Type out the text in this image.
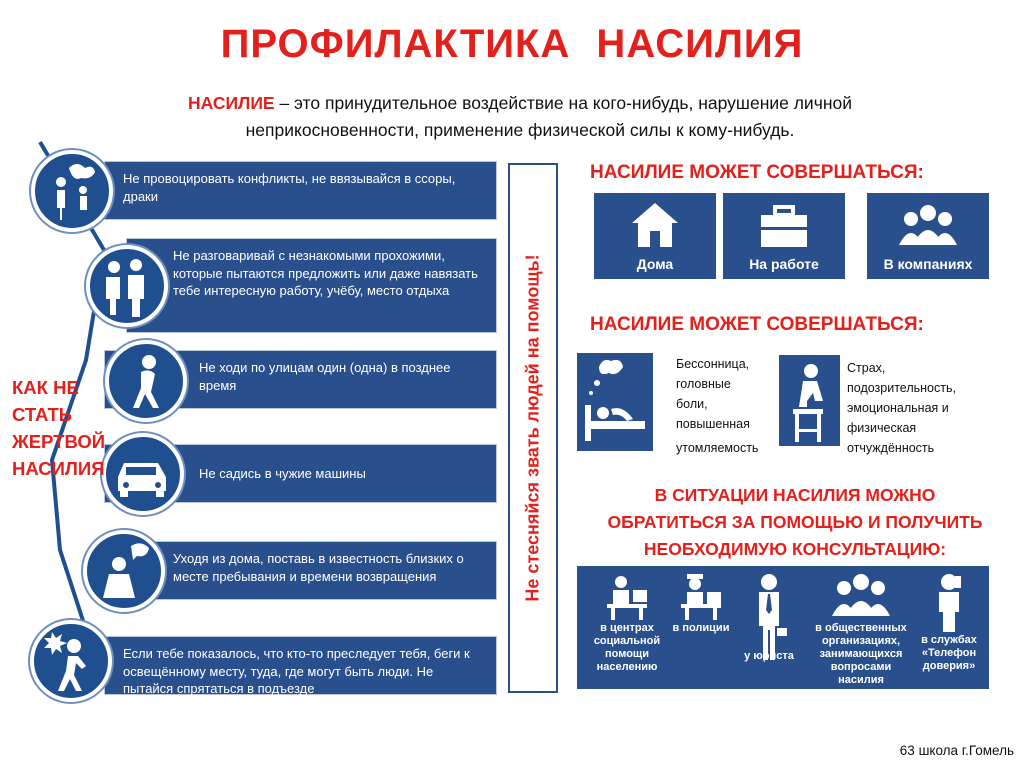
ПРОФИЛАКТИКА НАСИЛИЯ
НАСИЛИЕ – это принудительное воздействие на кого-нибудь, нарушение личной
неприкосновенности, применение физической силы к кому-нибудь.
Не провоцировать конфликты, не ввязывайся в ссоры, драки
Не разговаривай с незнакомыми прохожими, которые пытаются предложить или даже навязать тебе интересную работу, учёбу, место отдыха
Не ходи по улицам один (одна) в позднее время
Не садись в чужие машины
Уходя из дома, поставь в известность близких о месте пребывания и времени возвращения
Если тебе показалось, что кто-то преследует тебя, беги к освещённому месту, туда, где могут быть люди. Не пытайся спрятаться в подъезде
КАК НЕ
СТАТЬ
ЖЕРТВОЙ
НАСИЛИЯ	Не стесняйся звать людей на помощь!
НАСИЛИЕ МОЖЕТ СОВЕРШАТЬСЯ:
Дома	На работе	В компаниях
НАСИЛИЕ МОЖЕТ СОВЕРШАТЬСЯ:
Бессонница,
головные
боли,
повышенная
утомляемость
Страх,
подозрительность,
эмоциональная и
физическая
отчуждённость
В СИТУАЦИИ НАСИЛИЯ МОЖНО
ОБРАТИТЬСЯ ЗА ПОМОЩЬЮ И ПОЛУЧИТЬ
НЕОБХОДИМУЮ КОНСУЛЬТАЦИЮ:
в центрах
социальной
помощи
населению
в полиции
у юриста
в общественных
организациях,
занимающихся
вопросами
насилия
в службах
«Телефон
доверия»
63 школа г.Гомель
